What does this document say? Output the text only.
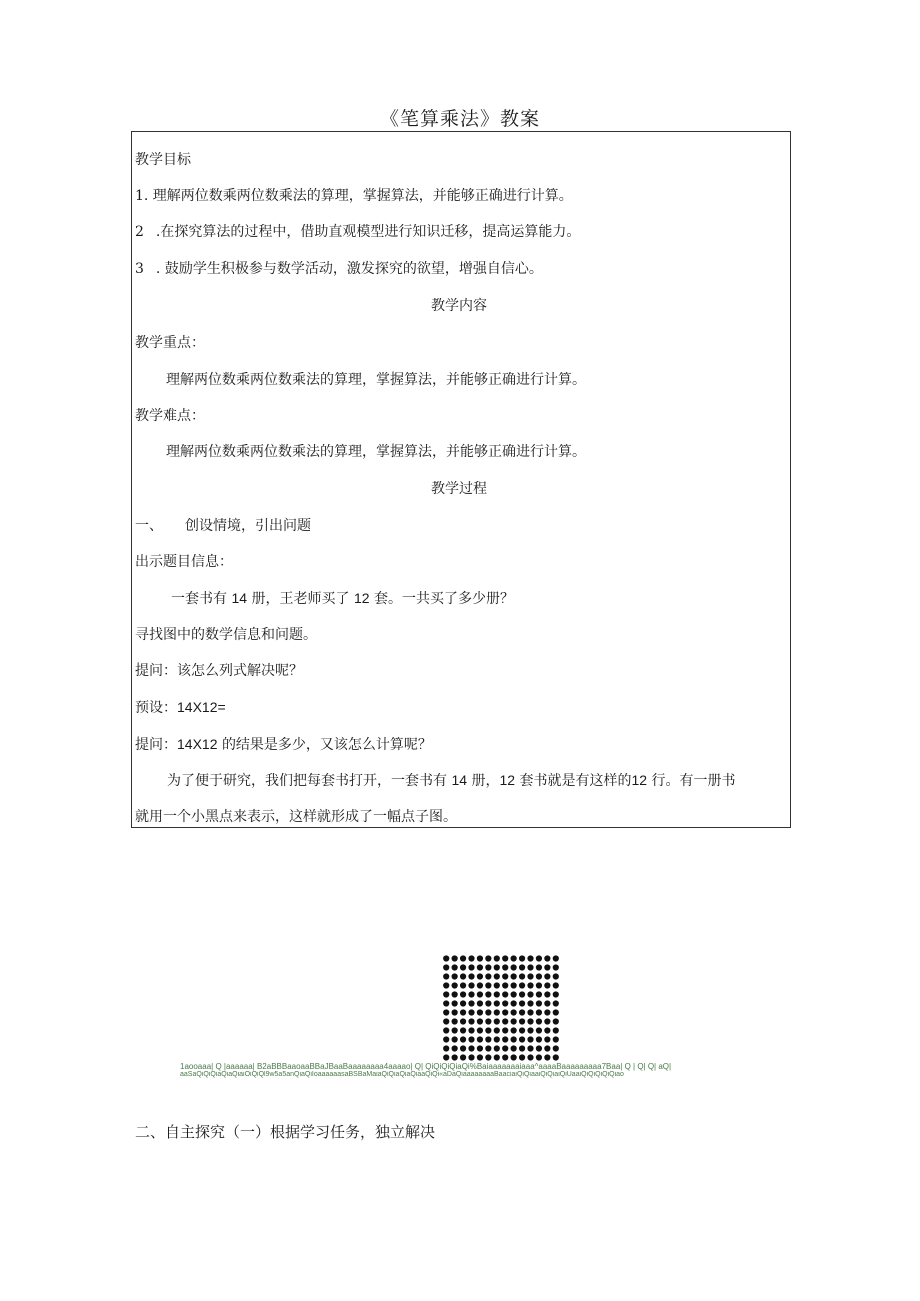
《笔算乘法》教案
教学目标
1. 理解两位数乘两位数乘法的算理，掌握算法，并能够正确进行计算。
2 .在探究算法的过程中，借助直观模型进行知识迁移，提高运算能力。
3 . 鼓励学生积极参与数学活动，激发探究的欲望，增强自信心。
教学内容
教学重点：
理解两位数乘两位数乘法的算理，掌握算法，并能够正确进行计算。
教学难点：
理解两位数乘两位数乘法的算理，掌握算法，并能够正确进行计算。
教学过程
一、 创设情境，引出问题
出示题目信息：
一套书有 14 册，王老师买了 12 套。一共买了多少册？
寻找图中的数学信息和问题。
提问：该怎么列式解决呢？
预设：14X12=
提问：14X12 的结果是多少，又该怎么计算呢？
为了便于研究，我们把每套书打开，一套书有 14 册，12 套书就是有这样的12 行。有一册书
就用一个小黑点来表示，这样就形成了一幅点子图。
1aooaaa| Q |aaaaaa| B2aBBBaaoaaBBaJBaaBaaaaaaaa4aaaao| Q| QiQiQiQiaQi%Baiaaaaaaaiaaa^aaaaBaaaaaaaaa7Baa| Q | Q| Q| aQ|
aaSaQiQiQiaQiaQiaiOiQiQl9w5a5anQiaQiIoaaaaaasaBSBaMaiaQiQiaQiaQiaaQiQi«aDaQiaaaaaaaaBaaciaiQiQiaaiQiQiaiQiUaaiQiQiQiQiQiao
二、自主探究（一）根据学习任务，独立解决
